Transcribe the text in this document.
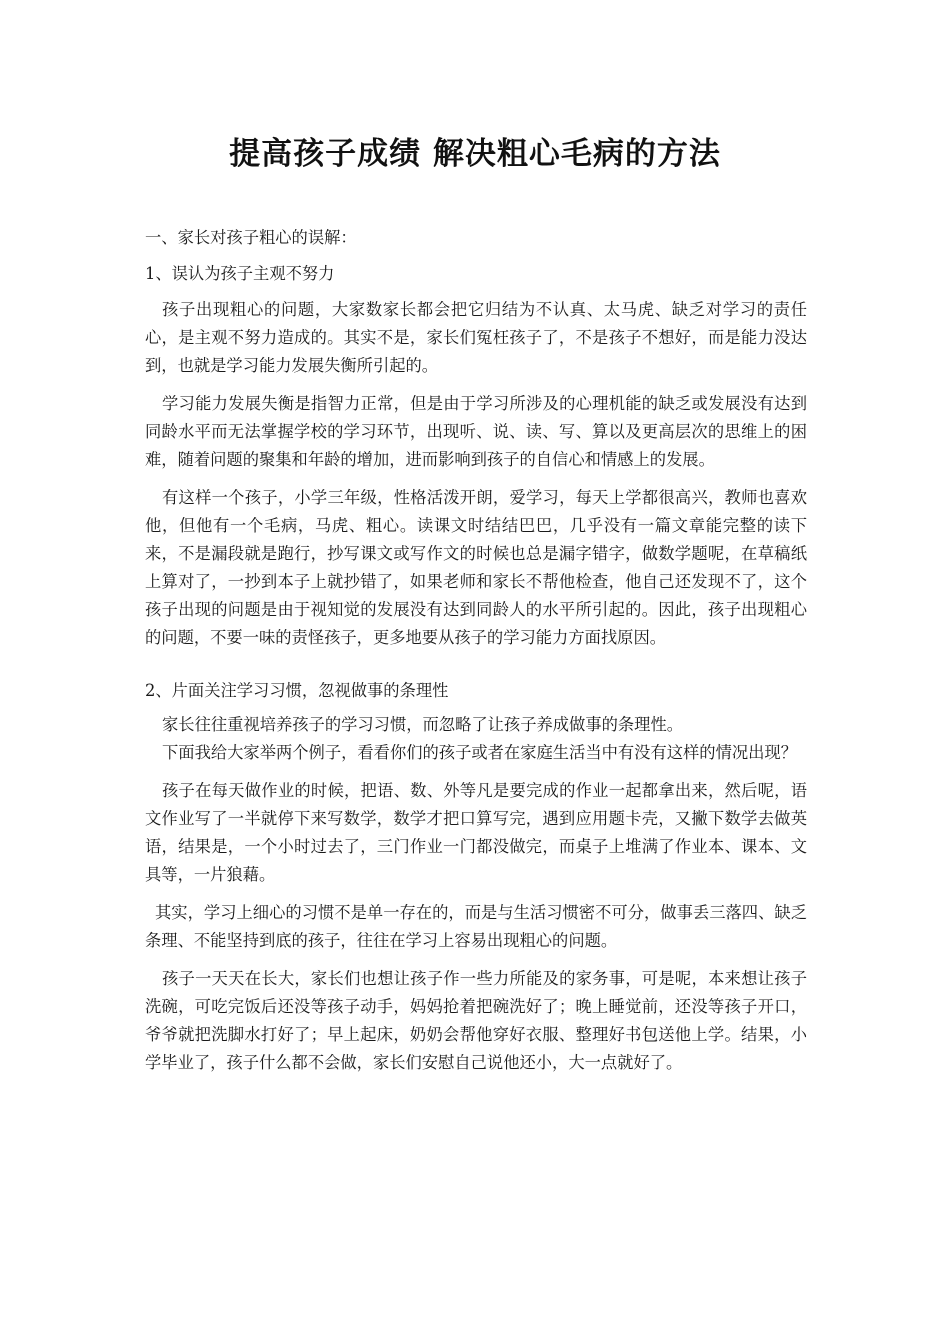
提高孩子成绩 解决粗心毛病的方法

一、家长对孩子粗心的误解：

1、误认为孩子主观不努力

孩子出现粗心的问题，大家数家长都会把它归结为不认真、太马虎、缺乏对学习的责任心，是主观不努力造成的。其实不是，家长们冤枉孩子了，不是孩子不想好，而是能力没达到，也就是学习能力发展失衡所引起的。

学习能力发展失衡是指智力正常，但是由于学习所涉及的心理机能的缺乏或发展没有达到同龄水平而无法掌握学校的学习环节，出现听、说、读、写、算以及更高层次的思维上的困难，随着问题的聚集和年龄的增加，进而影响到孩子的自信心和情感上的发展。

有这样一个孩子，小学三年级，性格活泼开朗，爱学习，每天上学都很高兴，教师也喜欢他，但他有一个毛病，马虎、粗心。读课文时结结巴巴，几乎没有一篇文章能完整的读下来，不是漏段就是跑行，抄写课文或写作文的时候也总是漏字错字，做数学题呢，在草稿纸上算对了，一抄到本子上就抄错了，如果老师和家长不帮他检查，他自己还发现不了，这个孩子出现的问题是由于视知觉的发展没有达到同龄人的水平所引起的。因此，孩子出现粗心的问题，不要一味的责怪孩子，更多地要从孩子的学习能力方面找原因。

2、片面关注学习习惯，忽视做事的条理性

家长往往重视培养孩子的学习习惯，而忽略了让孩子养成做事的条理性。

下面我给大家举两个例子，看看你们的孩子或者在家庭生活当中有没有这样的情况出现？

孩子在每天做作业的时候，把语、数、外等凡是要完成的作业一起都拿出来，然后呢，语文作业写了一半就停下来写数学，数学才把口算写完，遇到应用题卡壳，又撇下数学去做英语，结果是，一个小时过去了，三门作业一门都没做完，而桌子上堆满了作业本、课本、文具等，一片狼藉。

其实，学习上细心的习惯不是单一存在的，而是与生活习惯密不可分，做事丢三落四、缺乏条理、不能坚持到底的孩子，往往在学习上容易出现粗心的问题。

孩子一天天在长大，家长们也想让孩子作一些力所能及的家务事，可是呢，本来想让孩子洗碗，可吃完饭后还没等孩子动手，妈妈抢着把碗洗好了；晚上睡觉前，还没等孩子开口，爷爷就把洗脚水打好了；早上起床，奶奶会帮他穿好衣服、整理好书包送他上学。结果，小学毕业了，孩子什么都不会做，家长们安慰自己说他还小，大一点就好了。
